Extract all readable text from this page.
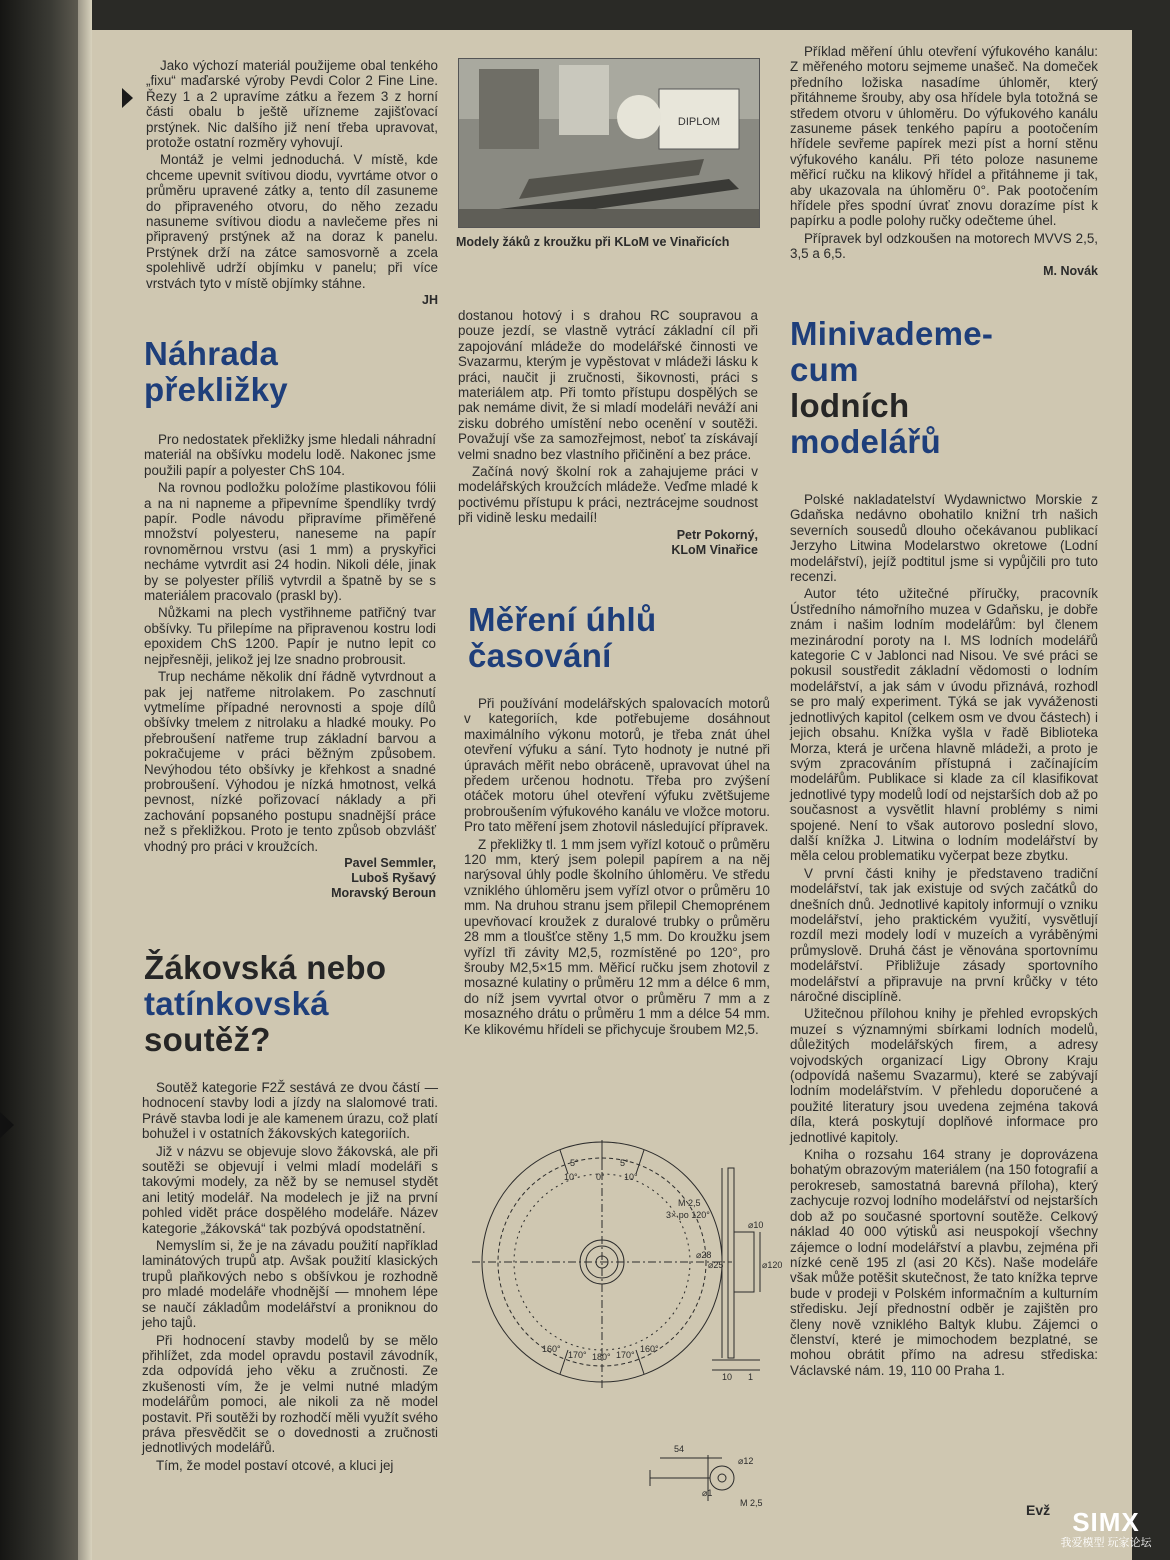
Jako výchozí materiál použijeme obal tenkého „fixu“ maďarské výroby Pevdi Color 2 Fine Line. Řezy 1 a 2 upravíme zátku a řezem 3 z horní části obalu b ještě uříznemе zajišťovací prstýnek. Nic dalšího již není třeba upravovat, protože ostatní rozměry vyhovují.

Montáž je velmi jednoduchá. V místě, kde chceme upevnit svítivou diodu, vyvrtáme otvor o průměru upravené zátky a, tento díl zasuneme do připraveného otvoru, do něho zezadu nasuneme svítivou diodu a navlečeme přes ni připravený prstýnek až na doraz k panelu. Prstýnek drží na zátce samosvorně a zcela spolehlivě udrží objímku v panelu; při více vrstvách tyto v místě objímky stáhne.

JH
Náhrada
překližky

Pro nedostatek překližky jsme hledali náhradní materiál na obšívku modelu lodě. Nakonec jsme použili papír a polyester ChS 104.

Na rovnou podložku položíme plastikovou fólii a na ni napneme a připevníme špendlíky tvrdý papír. Podle návodu připravíme přiměřené množství polyesteru, naneseme na papír rovnoměrnou vrstvu (asi 1 mm) a pryskyřici necháme vytvrdit asi 24 hodin. Nikoli déle, jinak by se polyester příliš vytvrdil a špatně by se s materiálem pracovalo (praskl by).

Nůžkami na plech vystřihneme patřičný tvar obšívky. Tu přilepíme na připravenou kostru lodi epoxidem ChS 1200. Papír je nutno lepit co nejpřesněji, jelikož jej lze snadno probrousit.

Trup necháme několik dní řádně vytvrdnout a pak jej natřeme nitrolakem. Po zaschnutí vytmelíme případné nerovnosti a spoje dílů obšívky tmelem z nitrolaku a hladké mouky. Po přebroušení natřeme trup základní barvou a pokračujeme v práci běžným způsobem. Nevýhodou této obšívky je křehkost a snadné probroušení. Výhodou je nízká hmotnost, velká pevnost, nízké pořizovací náklady a při zachování popsaného postupu snadnější práce než s překližkou. Proto je tento způsob obzvlášť vhodný pro práci v kroužcích.

Pavel Semmler,
Luboš Ryšavý
Moravský Beroun
Žákovská nebo
tatínkovská
soutěž?

Soutěž kategorie F2Ž sestává ze dvou částí — hodnocení stavby lodi a jízdy na slalomové trati. Právě stavba lodi je ale kamenem úrazu, což platí bohužel i v ostatních žákovských kategoriích.

Již v názvu se objevuje slovo žákovská, ale při soutěži se objevují i velmi mladí modeláři s takovými modely, za něž by se nemusel stydět ani letitý modelář. Na modelech je již na první pohled vidět práce dospělého modeláře. Název kategorie „žákovská“ tak pozbývá opodstatnění.

Nemyslím si, že je na závadu použití například laminátových trupů atp. Avšak použití klasických trupů plaňkových nebo s obšívkou je rozhodně pro mladé modeláře vhodnější — mnohem lépe se naučí základům modelářství a proniknou do jeho tajů.

Při hodnocení stavby modelů by se mělo přihlížet, zda model opravdu postavil závodník, zda odpovídá jeho věku a zručnosti. Ze zkušenosti vím, že je velmi nutné mladým modelářům pomoci, ale nikoli za ně model postavit. Při soutěži by rozhodčí měli využít svého práva přesvědčit se o dovednosti a zručnosti jednotlivých modelářů.

Tím, že model postaví otcové, a kluci jej

DIPLOM
Modely žáků z kroužku při KLoM ve Vinařicích

dostanou hotový i s drahou RC soupravou a pouze jezdí, se vlastně vytrácí základní cíl při zapojování mládeže do modelářské činnosti ve Svazarmu, kterým je vypěstovat v mládeži lásku k práci, naučit ji zručnosti, šikovnosti, práci s materiálem atp. Při tomto přístupu dospělých se pak nemáme divit, že si mladí modeláři neváží ani zisku dobrého umístění nebo ocenění v soutěži. Považují vše za samozřejmost, neboť ta získávají velmi snadno bez vlastního přičinění a bez práce.

Začíná nový školní rok a zahajujeme práci v modelářských kroužcích mládeže. Veďme mladé k poctivému přístupu k práci, neztrácejme soudnost při vidině lesku medailí!

Petr Pokorný,
KLoM Vinařice
Měření úhlů
časování

Při používání modelářských spalovacích motorů v kategoriích, kde potřebujeme dosáhnout maximálního výkonu motorů, je třeba znát úhel otevření výfuku a sání. Tyto hodnoty je nutné při úpravách měřit nebo obráceně, upravovat úhel na předem určenou hodnotu. Třeba pro zvýšení otáček motoru úhel otevření výfuku zvětšujeme probroušením výfukového kanálu ve vložce motoru. Pro tato měření jsem zhotovil následující přípravek.

Z překližky tl. 1 mm jsem vyřízl kotouč o průměru 120 mm, který jsem polepil papírem a na něj narýsoval úhly podle školního úhloměru. Ve středu vzniklého úhloměru jsem vyřízl otvor o průměru 10 mm. Na druhou stranu jsem přilepil Chemoprénem upevňovací kroužek z duralové trubky o průměru 28 mm a tloušťce stěny 1,5 mm. Do kroužku jsem vyřízl tři závity M2,5, rozmístěné po 120°, pro šrouby M2,5×15 mm. Měřicí ručku jsem zhotovil z mosazné kulatiny o průměru 12 mm a délce 6 mm, do níž jsem vyvrtal otvor o průměru 7 mm a z mosazného drátu o průměru 1 mm a délce 54 mm. Ke klikovému hřídeli se přichycuje šroubem M2,5.

5°	5°
10° 0° 10°
160°
170° 180° 170°
160°
M 2,5
3× po 120°
⌀10
⌀28
⌀25	⌀120
10 1
54
⌀12
⌀1
M 2,5

Příklad měření úhlu otevření výfukového kanálu: Z měřeného motoru sejmeme unašeč. Na domeček předního ložiska nasadíme úhloměr, který přitáhneme šrouby, aby osa hřídele byla totožná se středem otvoru v úhloměru. Do výfukového kanálu zasuneme pásek tenkého papíru a pootočením hřídele sevřeme papírek mezi píst a horní stěnu výfukového kanálu. Při této poloze nasuneme měřicí ručku na klikový hřídel a přitáhneme ji tak, aby ukazovala na úhloměru 0°. Pak pootočením hřídele přes spodní úvrať znovu dorazíme píst k papírku a podle polohy ručky odečteme úhel.

Přípravek byl odzkoušen na motorech MVVS 2,5, 3,5 a 6,5.

M. Novák
Minivademe-
cum
lodních
modelářů

Polské nakladatelství Wydawnictwo Morskie z Gdaňska nedávno obohatilo knižní trh našich severních sousedů dlouho očekávanou publikací Jerzyho Litwina Modelarstwo okretowe (Lodní modelářství), jejíž podtitul jsme si vypůjčili pro tuto recenzi.

Autor této užitečné příručky, pracovník Ústředního námořního muzea v Gdaňsku, je dobře znám i našim lodním modelářům: byl členem mezinárodní poroty na I. MS lodních modelářů kategorie C v Jablonci nad Nisou. Ve své práci se pokusil soustředit základní vědomosti o lodním modelářství, a jak sám v úvodu přiznává, rozhodl se pro malý experiment. Týká se jak vyváženosti jednotlivých kapitol (celkem osm ve dvou částech) i jejich obsahu. Knížka vyšla v řadě Biblioteka Morza, která je určena hlavně mládeži, a proto je svým zpracováním přístupná i začínajícím modelářům. Publikace si klade za cíl klasifikovat jednotlivé typy modelů lodí od nejstarších dob až po současnost a vysvětlit hlavní problémy s nimi spojené. Není to však autorovo poslední slovo, další knížka J. Litwina o lodním modelářství by měla celou problematiku vyčerpat beze zbytku.

V první části knihy je představeno tradiční modelářství, tak jak existuje od svých začátků do dnešních dnů. Jednotlivé kapitoly informují o vzniku modelářství, jeho praktickém využití, vysvětlují rozdíl mezi modely lodí v muzeích a vyráběnými průmyslově. Druhá část je věnována sportovnímu modelářství. Přibližuje zásady sportovního modelářství a připravuje na první krůčky v této náročné disciplíně.

Užitečnou přílohou knihy je přehled evropských muzeí s významnými sbírkami lodních modelů, důležitých modelářských firem, a adresy vojvodských organizací Ligy Obrony Kraju (odpovídá našemu Svazarmu), které se zabývají lodním modelářstvím. V přehledu doporučené a použité literatury jsou uvedena zejména taková díla, která poskytují doplňové informace pro jednotlivé kapitoly.

Kniha o rozsahu 164 strany je doprovázena bohatým obrazovým materiálem (na 150 fotografií a perokreseb, samostatná barevná příloha), který zachycuje rozvoj lodního modelářství od nejstarších dob až po současné sportovní soutěže. Celkový náklad 40 000 výtisků asi neuspokojí všechny zájemce o lodní modelářství a plavbu, zejména při nízké ceně 195 zl (asi 20 Kčs). Naše modeláře však může potěšit skutečnost, že tato knížka teprve bude v prodeji v Polském informačním a kulturním středisku. Její přednostní odběr je zajištěn pro členy nově vzniklého Baltyk klubu. Zájemci o členství, které je mimochodem bezplatné, se mohou obrátit přímo na adresu střediska: Václavské nám. 19, 110 00 Praha 1.

Evž SIMX
我爱模型 玩家论坛
